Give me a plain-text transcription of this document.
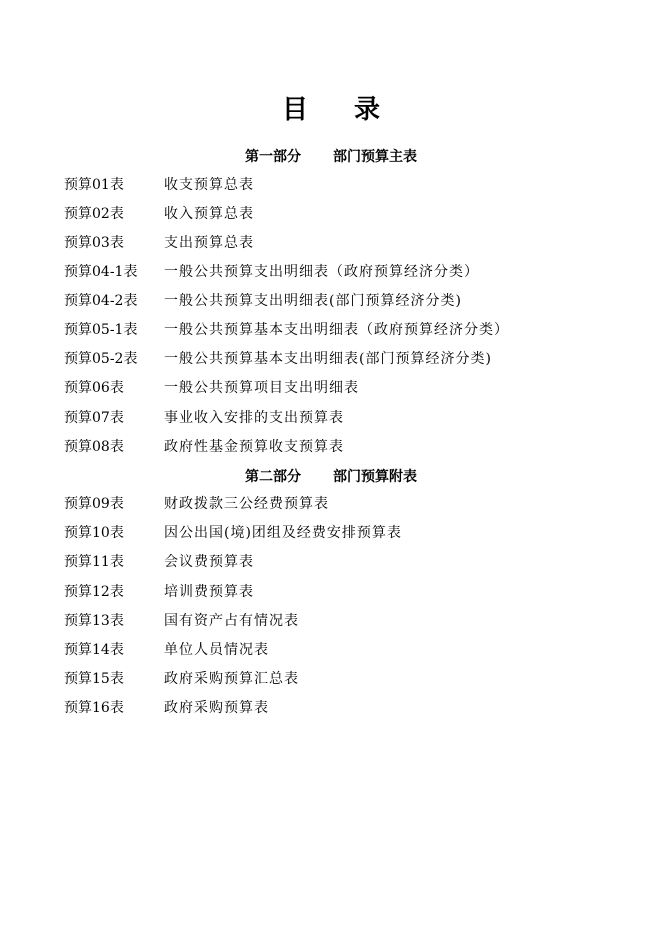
目 录
第一部分 部门预算主表
预算01表	收支预算总表
预算02表	收入预算总表
预算03表	支出预算总表
预算04-1表 一般公共预算支出明细表（政府预算经济分类）
预算04-2表 一般公共预算支出明细表(部门预算经济分类)
预算05-1表 一般公共预算基本支出明细表（政府预算经济分类）
预算05-2表 一般公共预算基本支出明细表(部门预算经济分类)
预算06表	一般公共预算项目支出明细表
预算07表	事业收入安排的支出预算表
预算08表	政府性基金预算收支预算表
第二部分 部门预算附表
预算09表	财政拨款三公经费预算表
预算10表	因公出国(境)团组及经费安排预算表
预算11表	会议费预算表
预算12表	培训费预算表
预算13表	国有资产占有情况表
预算14表	单位人员情况表
预算15表	政府采购预算汇总表
预算16表	政府采购预算表
